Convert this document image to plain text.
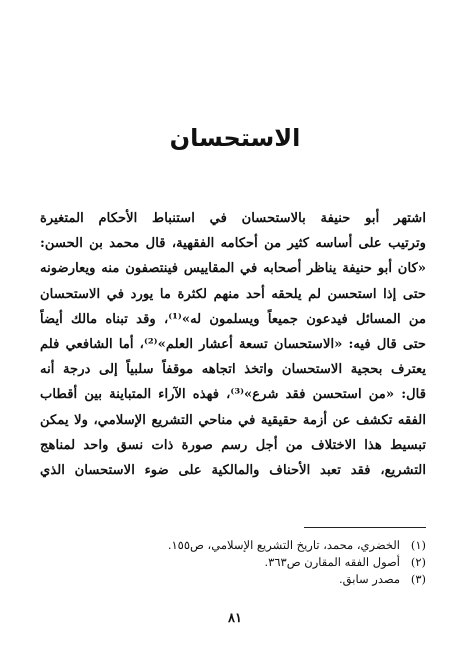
الاستحسان
اشتهر أبو حنيفة بالاستحسان في استنباط الأحكام المتغيرة
وترتيب على أساسه كثير من أحكامه الفقهية، قال محمد بن الحسن:
«كان أبو حنيفة يناظر أصحابه في المقاييس فينتصفون منه ويعارضونه
حتى إذا استحسن لم يلحقه أحد منهم لكثرة ما يورد في الاستحسان
من المسائل فيدعون جميعاً ويسلمون له»⁽¹⁾، وقد تبناه مالك أيضاً
حتى قال فيه: «الاستحسان تسعة أعشار العلم»⁽²⁾، أما الشافعي فلم
يعترف بحجية الاستحسان واتخذ اتجاهه موقفاً سلبياً إلى درجة أنه
قال: «من استحسن فقد شرع»⁽³⁾، فهذه الآراء المتباينة بين أقطاب
الفقه تكشف عن أزمة حقيقية في مناحي التشريع الإسلامي، ولا يمكن
تبسيط هذا الاختلاف من أجل رسم صورة ذات نسق واحد لمناهج
التشريع، فقد تعبد الأحناف والمالكية على ضوء الاستحسان الذي
(١)الخضري، محمد، تاريخ التشريع الإسلامي، ص١٥٥.
(٢)أصول الفقه المقارن ص٣٦٣.
(٣)مصدر سابق.
٨١
